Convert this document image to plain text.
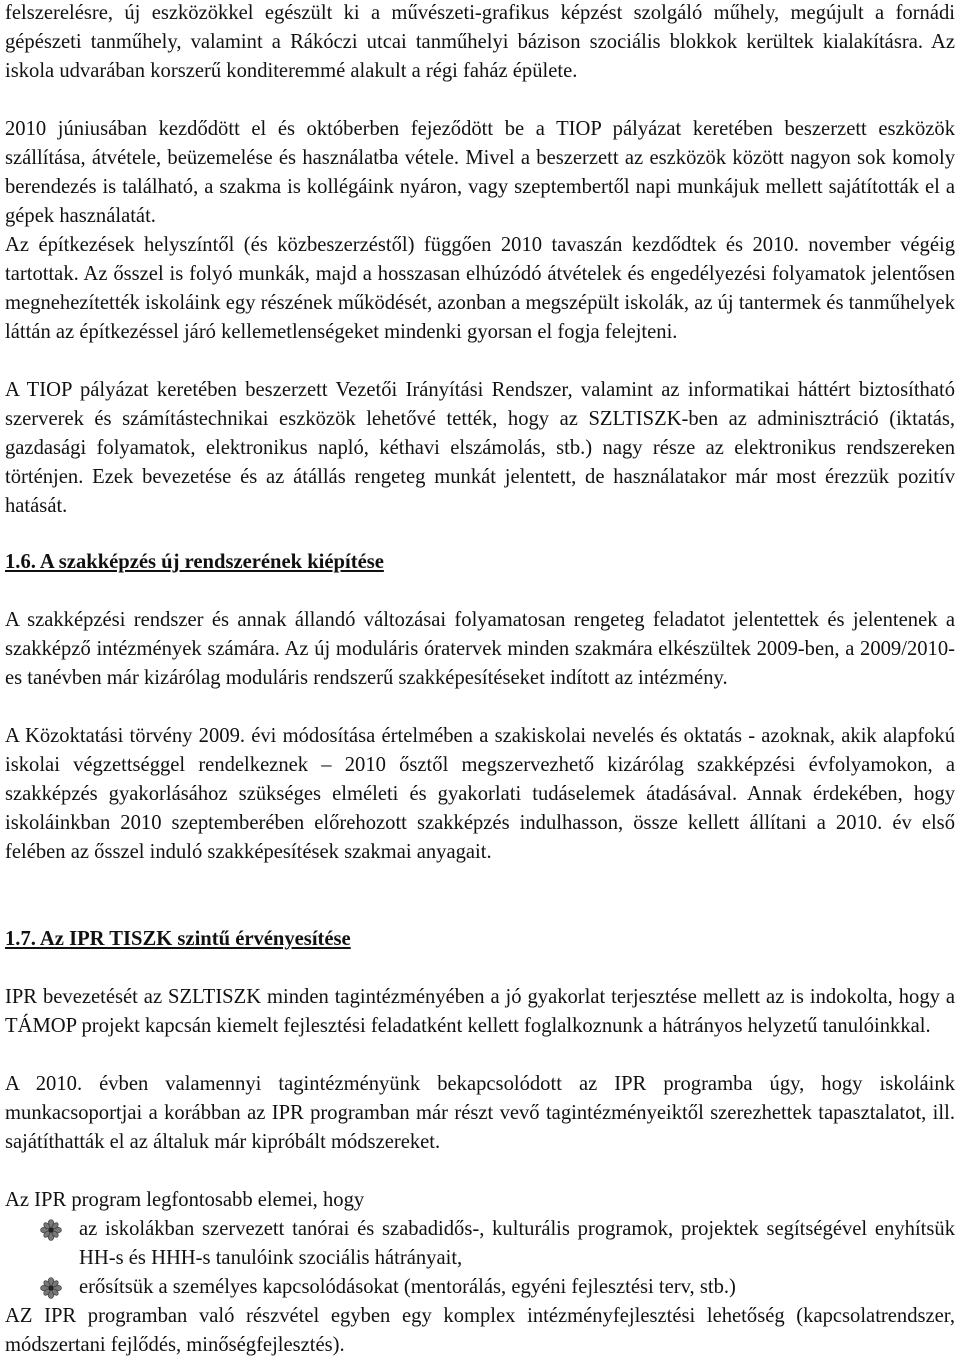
felszerelésre, új eszközökkel egészült ki a művészeti-grafikus képzést szolgáló műhely, megújult a fornádi gépészeti tanműhely, valamint a Rákóczi utcai tanműhelyi bázison szociális blokkok kerültek kialakításra. Az iskola udvarában korszerű konditeremmé alakult a régi faház épülete.

2010 júniusában kezdődött el és októberben fejeződött be a TIOP pályázat keretében beszerzett eszközök szállítása, átvétele, beüzemelése és használatba vétele. Mivel a beszerzett az eszközök között nagyon sok komoly berendezés is található, a szakma is kollégáink nyáron, vagy szeptembertől napi munkájuk mellett sajátították el a gépek használatát.

Az építkezések helyszíntől (és közbeszerzéstől) függően 2010 tavaszán kezdődtek és 2010. november végéig tartottak. Az ősszel is folyó munkák, majd a hosszasan elhúzódó átvételek és engedélyezési folyamatok jelentősen megnehezítették iskoláink egy részének működését, azonban a megszépült iskolák, az új tantermek és tanműhelyek láttán az építkezéssel járó kellemetlenségeket mindenki gyorsan el fogja felejteni.

A TIOP pályázat keretében beszerzett Vezetői Irányítási Rendszer, valamint az informatikai háttért biztosítható szerverek és számítástechnikai eszközök lehetővé tették, hogy az SZLTISZK-ben az adminisztráció (iktatás, gazdasági folyamatok, elektronikus napló, kéthavi elszámolás, stb.) nagy része az elektronikus rendszereken történjen. Ezek bevezetése és az átállás rengeteg munkát jelentett, de használatakor már most érezzük pozitív hatását.

1.6. A szakképzés új rendszerének kiépítése

A szakképzési rendszer és annak állandó változásai folyamatosan rengeteg feladatot jelentettek és jelentenek a szakképző intézmények számára. Az új moduláris óratervek minden szakmára elkészültek 2009-ben, a 2009/2010-es tanévben már kizárólag moduláris rendszerű szakképesítéseket indított az intézmény.

A Közoktatási törvény 2009. évi módosítása értelmében a szakiskolai nevelés és oktatás - azoknak, akik alapfokú iskolai végzettséggel rendelkeznek – 2010 ősztől megszervezhető kizárólag szakképzési évfolyamokon, a szakképzés gyakorlásához szükséges elméleti és gyakorlati tudáselemek átadásával. Annak érdekében, hogy iskoláinkban 2010 szeptemberében előrehozott szakképzés indulhasson, össze kellett állítani a 2010. év első felében az ősszel induló szakképesítések szakmai anyagait.

1.7. Az IPR TISZK szintű érvényesítése

IPR bevezetését az SZLTISZK minden tagintézményében a jó gyakorlat terjesztése mellett az is indokolta, hogy a TÁMOP projekt kapcsán kiemelt fejlesztési feladatként kellett foglalkoznunk a hátrányos helyzetű tanulóinkkal.

A 2010. évben valamennyi tagintézményünk bekapcsolódott az IPR programba úgy, hogy iskoláink munkacsoportjai a korábban az IPR programban már részt vevő tagintézményeiktől szerezhettek tapasztalatot, ill. sajátíthatták el az általuk már kipróbált módszereket.

Az IPR program legfontosabb elemei, hogy

az iskolákban szervezett tanórai és szabadidős-, kulturális programok, projektek segítségével enyhítsük HH-s és HHH-s tanulóink szociális hátrányait,

erősítsük a személyes kapcsolódásokat (mentorálás, egyéni fejlesztési terv, stb.)

AZ IPR programban való részvétel egyben egy komplex intézményfejlesztési lehetőség (kapcsolatrendszer, módszertani fejlődés, minőségfejlesztés).
